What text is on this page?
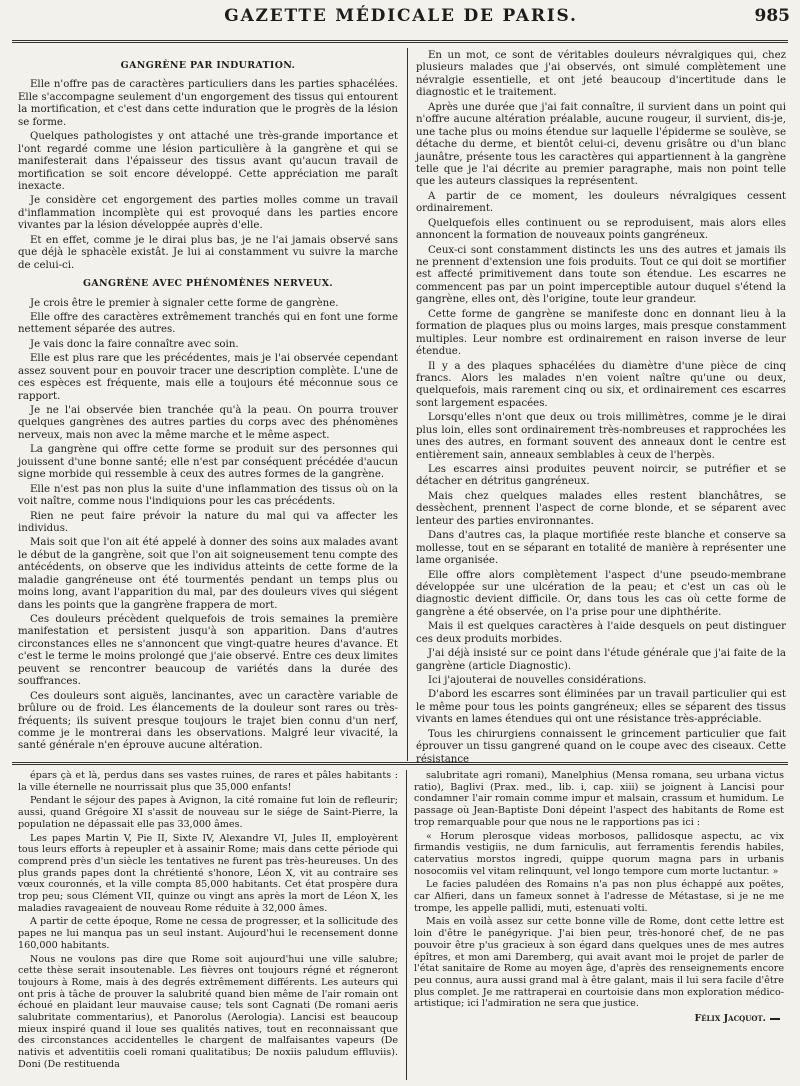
GAZETTE MÉDICALE DE PARIS.	985
GANGRÈNE PAR INDURATION.

Elle n'offre pas de caractères particuliers dans les parties sphacélées. Elle s'accompagne seulement d'un engorgement des tissus qui entourent la mortification, et c'est dans cette induration que le progrès de la lésion se forme.

Quelques pathologistes y ont attaché une très-grande importance et l'ont regardé comme une lésion particulière à la gangrène et qui se manifesterait dans l'épaisseur des tissus avant qu'aucun travail de mortification se soit encore développé. Cette appréciation me paraît inexacte.

Je considère cet engorgement des parties molles comme un travail d'inflammation incomplète qui est provoqué dans les parties encore vivantes par la lésion développée auprès d'elle.

Et en effet, comme je le dirai plus bas, je ne l'ai jamais observé sans que déjà le sphacèle existât. Je lui ai constamment vu suivre la marche de celui-ci.

GANGRÈNE AVEC PHÉNOMÈNES NERVEUX.

Je crois être le premier à signaler cette forme de gangrène.

Elle offre des caractères extrêmement tranchés qui en font une forme nettement séparée des autres.

Je vais donc la faire connaître avec soin.

Elle est plus rare que les précédentes, mais je l'ai observée cependant assez souvent pour en pouvoir tracer une description complète. L'une de ces espèces est fréquente, mais elle a toujours été méconnue sous ce rapport.

Je ne l'ai observée bien tranchée qu'à la peau. On pourra trouver quelques gangrènes des autres parties du corps avec des phénomènes nerveux, mais non avec la même marche et le même aspect.

La gangrène qui offre cette forme se produit sur des personnes qui jouissent d'une bonne santé; elle n'est par conséquent précédée d'aucun signe morbide qui ressemble à ceux des autres formes de la gangrène.

Elle n'est pas non plus la suite d'une inflammation des tissus où on la voit naître, comme nous l'indiquions pour les cas précédents.

Rien ne peut faire prévoir la nature du mal qui va affecter les individus.

Mais soit que l'on ait été appelé à donner des soins aux malades avant le début de la gangrène, soit que l'on ait soigneusement tenu compte des antécédents, on observe que les individus atteints de cette forme de la maladie gangréneuse ont été tourmentés pendant un temps plus ou moins long, avant l'apparition du mal, par des douleurs vives qui siégent dans les points que la gangrène frappera de mort.

Ces douleurs précèdent quelquefois de trois semaines la première manifestation et persistent jusqu'à son apparition. Dans d'autres circonstances elles ne s'annoncent que vingt-quatre heures d'avance. Et c'est le terme le moins prolongé que j'aie observé. Entre ces deux limites peuvent se rencontrer beaucoup de variétés dans la durée des souffrances.

Ces douleurs sont aiguës, lancinantes, avec un caractère variable de brûlure ou de froid. Les élancements de la douleur sont rares ou très-fréquents; ils suivent presque toujours le trajet bien connu d'un nerf, comme je le montrerai dans les observations. Malgré leur vivacité, la santé générale n'en éprouve aucune altération.

En un mot, ce sont de véritables douleurs névralgiques qui, chez plusieurs malades que j'ai observés, ont simulé complètement une névralgie essentielle, et ont jeté beaucoup d'incertitude dans le diagnostic et le traitement.

Après une durée que j'ai fait connaître, il survient dans un point qui n'offre aucune altération préalable, aucune rougeur, il survient, dis-je, une tache plus ou moins étendue sur laquelle l'épiderme se soulève, se détache du derme, et bientôt celui-ci, devenu grisâtre ou d'un blanc jaunâtre, présente tous les caractères qui appartiennent à la gangrène telle que je l'ai décrite au premier paragraphe, mais non point telle que les auteurs classiques la représentent.

A partir de ce moment, les douleurs névralgiques cessent ordinairement.

Quelquefois elles continuent ou se reproduisent, mais alors elles annoncent la formation de nouveaux points gangréneux.

Ceux-ci sont constamment distincts les uns des autres et jamais ils ne prennent d'extension une fois produits. Tout ce qui doit se mortifier est affecté primitivement dans toute son étendue. Les escarres ne commencent pas par un point imperceptible autour duquel s'étend la gangrène, elles ont, dès l'origine, toute leur grandeur.

Cette forme de gangrène se manifeste donc en donnant lieu à la formation de plaques plus ou moins larges, mais presque constamment multiples. Leur nombre est ordinairement en raison inverse de leur étendue.

Il y a des plaques sphacélées du diamètre d'une pièce de cinq francs. Alors les malades n'en voient naître qu'une ou deux, quelquefois, mais rarement cinq ou six, et ordinairement ces escarres sont largement espacées.

Lorsqu'elles n'ont que deux ou trois millimètres, comme je le dirai plus loin, elles sont ordinairement très-nombreuses et rapprochées les unes des autres, en formant souvent des anneaux dont le centre est entièrement sain, anneaux semblables à ceux de l'herpès.

Les escarres ainsi produites peuvent noircir, se putréfier et se détacher en détritus gangréneux.

Mais chez quelques malades elles restent blanchâtres, se dessèchent, prennent l'aspect de corne blonde, et se séparent avec lenteur des parties environnantes.

Dans d'autres cas, la plaque mortifiée reste blanche et conserve sa mollesse, tout en se séparant en totalité de manière à représenter une lame organisée.

Elle offre alors complètement l'aspect d'une pseudo-membrane développée sur une ulcération de la peau; et c'est un cas où le diagnostic devient difficile. Or, dans tous les cas où cette forme de gangrène a été observée, on l'a prise pour une diphthérite.

Mais il est quelques caractères à l'aide desquels on peut distinguer ces deux produits morbides.

J'ai déjà insisté sur ce point dans l'étude générale que j'ai faite de la gangrène (article Diagnostic).

Ici j'ajouterai de nouvelles considérations.

D'abord les escarres sont éliminées par un travail particulier qui est le même pour tous les points gangréneux; elles se séparent des tissus vivants en lames étendues qui ont une résistance très-appréciable.

Tous les chirurgiens connaissent le grincement particulier que fait éprouver un tissu gangrené quand on le coupe avec des ciseaux. Cette résistance

épars çà et là, perdus dans ses vastes ruines, de rares et pâles habitants : la ville éternelle ne nourrissait plus que 35,000 enfants!

Pendant le séjour des papes à Avignon, la cité romaine fut loin de refleurir; aussi, quand Grégoire XI s'assit de nouveau sur le siége de Saint-Pierre, la population ne dépassait elle pas 33,000 âmes.

Les papes Martin V, Pie II, Sixte IV, Alexandre VI, Jules II, employèrent tous leurs efforts à repeupler et à assainir Rome; mais dans cette période qui comprend près d'un siècle les tentatives ne furent pas très-heureuses. Un des plus grands papes dont la chrétienté s'honore, Léon X, vit au contraire ses vœux couronnés, et la ville compta 85,000 habitants. Cet état prospère dura trop peu; sous Clément VII, quinze ou vingt ans après la mort de Léon X, les maladies ravageaient de nouveau Rome réduite à 32,000 âmes.

A partir de cette époque, Rome ne cessa de progresser, et la sollicitude des papes ne lui manqua pas un seul instant. Aujourd'hui le recensement donne 160,000 habitants.

Nous ne voulons pas dire que Rome soit aujourd'hui une ville salubre; cette thèse serait insoutenable. Les fièvres ont toujours régné et régneront toujours à Rome, mais à des degrés extrêmement différents. Les auteurs qui ont pris à tâche de prouver la salubrité quand bien même de l'air romain ont échoué en plaidant leur mauvaise cause; tels sont Cagnati (De romani aeris salubritate commentarius), et Panorolus (Aerologia). Lancisi est beaucoup mieux inspiré quand il loue ses qualités natives, tout en reconnaissant que des circonstances accidentelles le chargent de malfaisantes vapeurs (De nativis et adventitiis coeli romani qualitatibus; De noxiis paludum effluviis). Doni (De restituenda

salubritate agri romani), Manelphius (Mensa romana, seu urbana victus ratio), Baglivi (Prax. med., lib. i, cap. xiii) se joignent à Lancisi pour condamner l'air romain comme impur et malsain, crassum et humidum. Le passage où Jean-Baptiste Doni dépeint l'aspect des habitants de Rome est trop remarquable pour que nous ne le rapportions pas ici :

« Horum plerosque videas morbosos, pallidosque aspectu, ac vix firmandis vestigiis, ne dum farniculis, aut ferramentis ferendis habiles, catervatius morstos ingredi, quippe quorum magna pars in urbanis nosocomiis vel vitam relinquunt, vel longo tempore cum morte luctantur. »

Le facies paludéen des Romains n'a pas non plus échappé aux poëtes, car Alfieri, dans un fameux sonnet à l'adresse de Métastase, si je ne me trompe, les appelle pallidi, muti, estenuati volti.

Mais en voilà assez sur cette bonne ville de Rome, dont cette lettre est loin d'être le panégyrique. J'ai bien peur, très-honoré chef, de ne pas pouvoir être p'us gracieux à son égard dans quelques unes de mes autres épîtres, et mon ami Daremberg, qui avait avant moi le projet de parler de l'état sanitaire de Rome au moyen âge, d'après des renseignements encore peu connus, aura aussi grand mal à être galant, mais il lui sera facile d'être plus complet. Je me rattraperai en courtoisie dans mon exploration médico-artistique; ici l'admiration ne sera que justice.

Félix Jacquot.
